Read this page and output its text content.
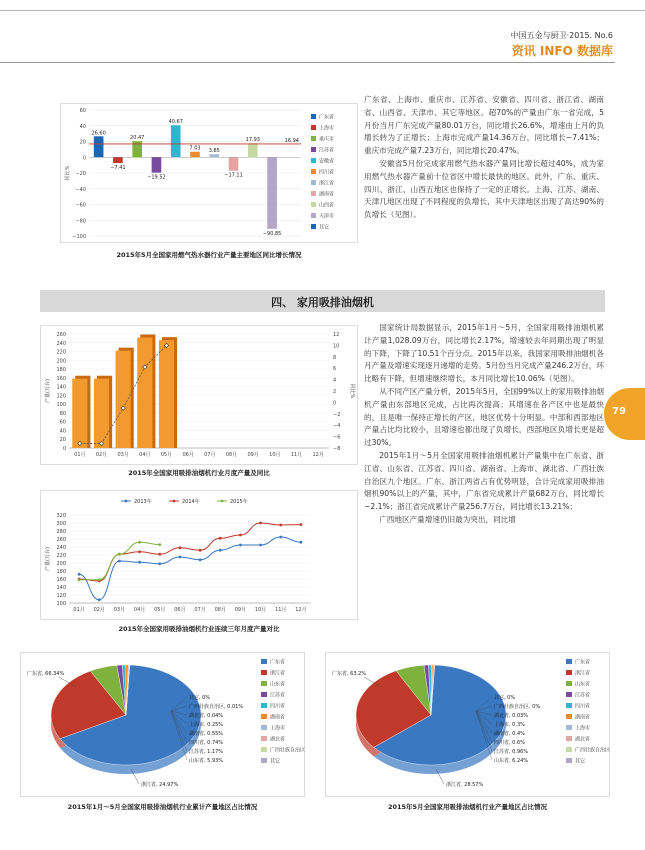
中国五金与厨卫·2015. No.6
资讯 INFO 数据库
60
40
20
0
−20
−40
−60
−80
−100
同比%
26.60
−7.41
20.47
−19.52
40.67
7.03 3.85
−17.11
17.93
−90.85
16.94
广东省
上海市
重庆市
江苏省
安徽省
四川省
浙江省
湖南省
山西省
天津市
其它
2015年5月全国家用燃气热水器行业产量主要地区同比增长情况

广东省、上海市、重庆市、江苏省、安徽省、四川省、浙江省、湖南省、山西省、天津市、其它等地区。超70%的产量由广东一省完成，5月份当月广东完成产量80.01万台，同比增长26.6%，增速由上月的负增长转为了正增长；上海市完成产量14.36万台，同比增长−7.41%；重庆市完成产量7.23万台，同比增长20.47%。

安徽省5月份完成家用燃气热水器产量同比增长超过40%，成为家用燃气热水器产量前十位省区中增长最快的地区。此外，广东、重庆、四川、浙江、山西五地区也保持了一定的正增长。上海、江苏、湖南、天津几地区出现了不同程度的负增长，其中天津地区出现了高达90%的负增长（见图）。

四、 家用吸排油烟机
260
240
220
200
180
160
140
120
100
80
60
40
20
0
12
10
8
6
4
2
0
−2
−4
−6
−8
产量(万台)	同比%
01月 02月 03月 04月 05月 06月 07月 08月 09月 10月 11月 12月
2015年全国家用吸排油烟机行业月度产量及同比
320
300
280
260
240
220
200
180
160
140
120
100
产量(万台)
01月 02月 03月 04月 05月 06月 07月 08月 09月 10月 11月 12月
2013年	2014年	2015年
2015年全国家用吸排油烟机行业连续三年月度产量对比

国家统计局数据显示，2015年1月～5月，全国家用吸排油烟机累计产量1,028.09万台，同比增长2.17%。增速较去年同期出现了明显的下降，下降了10.51个百分点。2015年以来，我国家用吸排油烟机各月产量及增速实现逐月递增的走势。5月份当月完成产量246.2万台，环比略有下降，但增速继续增长，本月同比增长10.06%（见图）。

从不同产区产量分析，2015年5月，全国99%以上的家用吸排油烟机产量由东部地区完成，占比再次提高；其增速在各产区中也是最快的，且是唯一保持正增长的产区，地区优势十分明显。中部和西部地区产量占比均比较小，且增速也都出现了负增长，西部地区负增长更是超过30%。

2015年1月～5月全国家用吸排油烟机累计产量集中在广东省、浙江省、山东省、江苏省、四川省、湖南省、上海市、湖北省、广西壮族自治区九个地区。广东、浙江两省占有优势明显，合计完成家用吸排油烟机90%以上的产量，其中，广东省完成累计产量682万台，同比增长−2.1%；浙江省完成累计产量256.7万台，同比增长13.21%；

广西地区产量增速仍旧最为突出，同比增

79
广东省, 66.34%
浙江省, 24.97%
其它, 0%
广西壮族自治区, 0.01%
湖北省, 0.04%
上海市, 0.25%
湖南省, 0.55%
四川省, 0.74%
江苏省, 1.17%
山东省, 5.93%
广东省
浙江省
山东省
江苏省
四川省
湖南省
上海市
湖北省
广西壮族自治区
其它
2015年1月～5月全国家用吸排油烟机行业累计产量地区占比情况
广东省, 63.2%
浙江省, 28.57%
其它, 0%
广西壮族自治区, 0%
湖北省, 0.03%
上海市, 0.3%
湖南省, 0.4%
四川省, 0.6%
江苏省, 0.96%
山东省, 6.24%
广东省
浙江省
山东省
江苏省
四川省
湖南省
上海市
湖北省
广西壮族自治区
其它
2015年5月全国家用吸排油烟机行业产量地区占比情况
